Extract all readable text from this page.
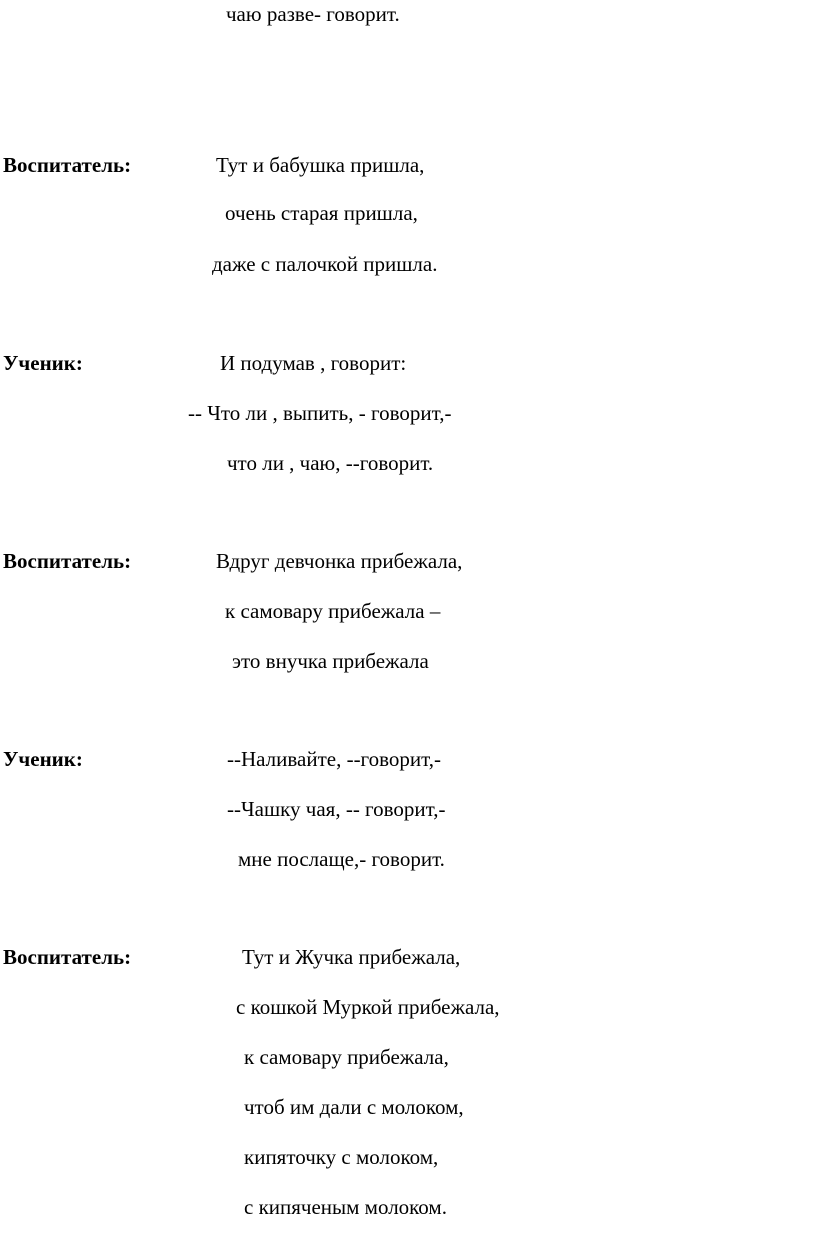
чаю разве- говорит.
Воспитатель:	Тут и бабушка пришла,
очень старая пришла,
даже с палочкой пришла.
Ученик:	И подумав , говорит:
-- Что ли , выпить, - говорит,-
что ли , чаю, --говорит.
Воспитатель:	Вдруг девчонка прибежала,
к самовару прибежала –
это внучка прибежала
Ученик:	--Наливайте, --говорит,-
--Чашку чая, -- говорит,-
мне послаще,- говорит.
Воспитатель:	Тут и Жучка прибежала,
с кошкой Муркой прибежала,
к самовару прибежала,
чтоб им дали с молоком,
кипяточку с молоком,
с кипяченым молоком.
